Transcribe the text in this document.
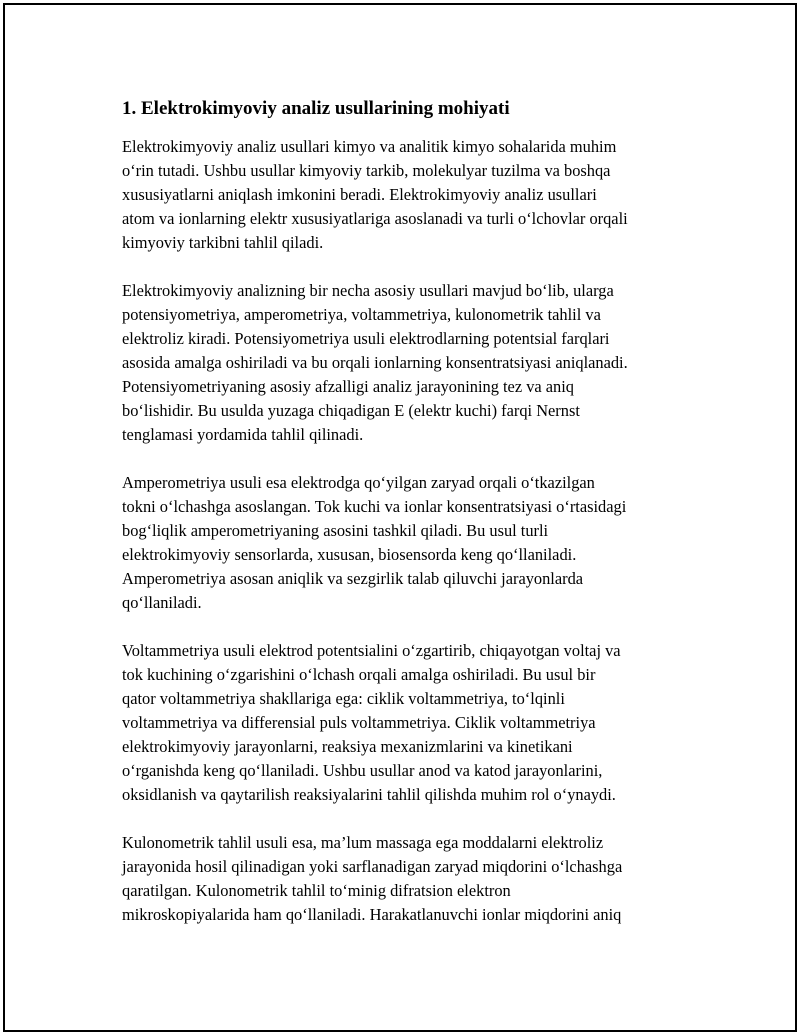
1. Elektrokimyoviy analiz usullarining mohiyati

Elektrokimyoviy analiz usullari kimyo va analitik kimyo sohalarida muhim
o‘rin tutadi. Ushbu usullar kimyoviy tarkib, molekulyar tuzilma va boshqa
xususiyatlarni aniqlash imkonini beradi. Elektrokimyoviy analiz usullari
atom va ionlarning elektr xususiyatlariga asoslanadi va turli o‘lchovlar orqali
kimyoviy tarkibni tahlil qiladi.

Elektrokimyoviy analizning bir necha asosiy usullari mavjud bo‘lib, ularga
potensiyometriya, amperometriya, voltammetriya, kulonometrik tahlil va
elektroliz kiradi. Potensiyometriya usuli elektrodlarning potentsial farqlari
asosida amalga oshiriladi va bu orqali ionlarning konsentratsiyasi aniqlanadi.
Potensiyometriyaning asosiy afzalligi analiz jarayonining tez va aniq
bo‘lishidir. Bu usulda yuzaga chiqadigan E (elektr kuchi) farqi Nernst
tenglamasi yordamida tahlil qilinadi.

Amperometriya usuli esa elektrodga qo‘yilgan zaryad orqali o‘tkazilgan
tokni o‘lchashga asoslangan. Tok kuchi va ionlar konsentratsiyasi o‘rtasidagi
bog‘liqlik amperometriyaning asosini tashkil qiladi. Bu usul turli
elektrokimyoviy sensorlarda, xususan, biosensorda keng qo‘llaniladi.
Amperometriya asosan aniqlik va sezgirlik talab qiluvchi jarayonlarda
qo‘llaniladi.

Voltammetriya usuli elektrod potentsialini o‘zgartirib, chiqayotgan voltaj va
tok kuchining o‘zgarishini o‘lchash orqali amalga oshiriladi. Bu usul bir
qator voltammetriya shakllariga ega: ciklik voltammetriya, to‘lqinli
voltammetriya va differensial puls voltammetriya. Ciklik voltammetriya
elektrokimyoviy jarayonlarni, reaksiya mexanizmlarini va kinetikani
o‘rganishda keng qo‘llaniladi. Ushbu usullar anod va katod jarayonlarini,
oksidlanish va qaytarilish reaksiyalarini tahlil qilishda muhim rol o‘ynaydi.

Kulonometrik tahlil usuli esa, ma’lum massaga ega moddalarni elektroliz
jarayonida hosil qilinadigan yoki sarflanadigan zaryad miqdorini o‘lchashga
qaratilgan. Kulonometrik tahlil to‘minig difratsion elektron
mikroskopiyalarida ham qo‘llaniladi. Harakatlanuvchi ionlar miqdorini aniq
